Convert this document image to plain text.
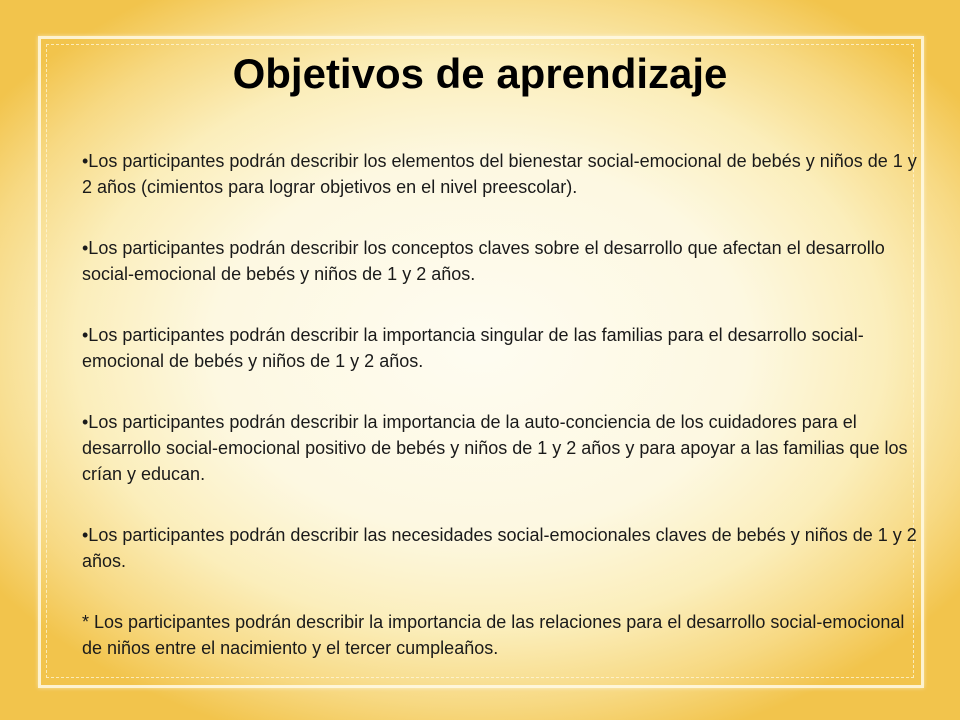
Objetivos de aprendizaje
•Los participantes podrán describir los elementos del bienestar social-emocional de bebés y niños de 1 y 2 años (cimientos para lograr objetivos en el nivel preescolar).
•Los participantes podrán describir los conceptos claves sobre el desarrollo que afectan el desarrollo social-emocional de bebés y niños de 1 y 2 años.
•Los participantes podrán describir la importancia singular de las familias para el desarrollo social-emocional de bebés y niños de 1 y 2 años.
•Los participantes podrán describir la importancia de la auto-conciencia de los cuidadores para el desarrollo social-emocional positivo de bebés y niños de 1 y 2 años y para apoyar a las familias que los crían y educan.
•Los participantes podrán describir las necesidades social-emocionales claves de bebés y niños de 1 y 2 años.
* Los participantes podrán describir la importancia de las relaciones para el desarrollo social-emocional de niños entre el nacimiento y el tercer cumpleaños.
